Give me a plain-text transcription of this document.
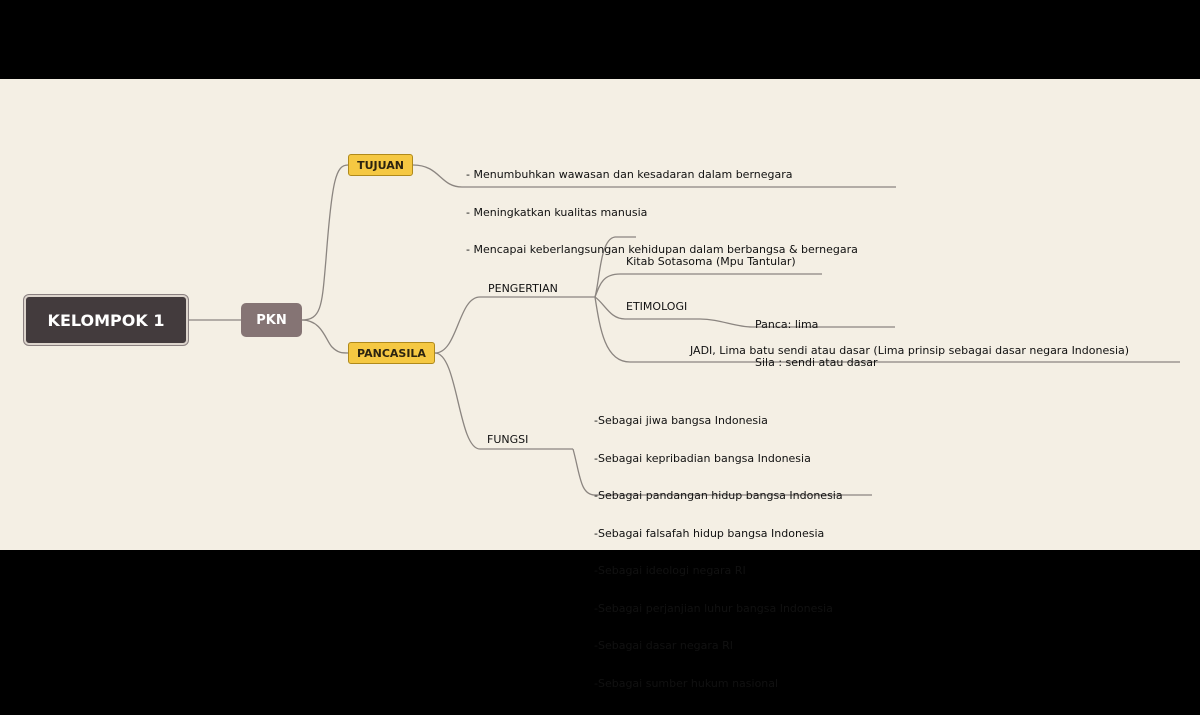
KELOMPOK 1	PKN
TUJUAN
PANCASILA

- Menumbuhkan wawasan dan kesadaran dalam bernegara

- Meningkatkan kualitas manusia

- Mencapai keberlangsungan kehidupan dalam berbangsa & bernegara

PENGERTIAN
Kitab Sotasoma (Mpu Tantular)
ETIMOLOGI

Panca: lima

Sila : sendi atau dasar

JADI, Lima batu sendi atau dasar (Lima prinsip sebagai dasar negara Indonesia)
FUNGSI

-Sebagai jiwa bangsa Indonesia

-Sebagai kepribadian bangsa Indonesia

-Sebagai pandangan hidup bangsa Indonesia

-Sebagai falsafah hidup bangsa Indonesia

-Sebagai ideologi negara RI

-Sebagai perjanjian luhur bangsa Indonesia

-Sebagai dasar negara RI

-Sebagai sumber hukum nasional
